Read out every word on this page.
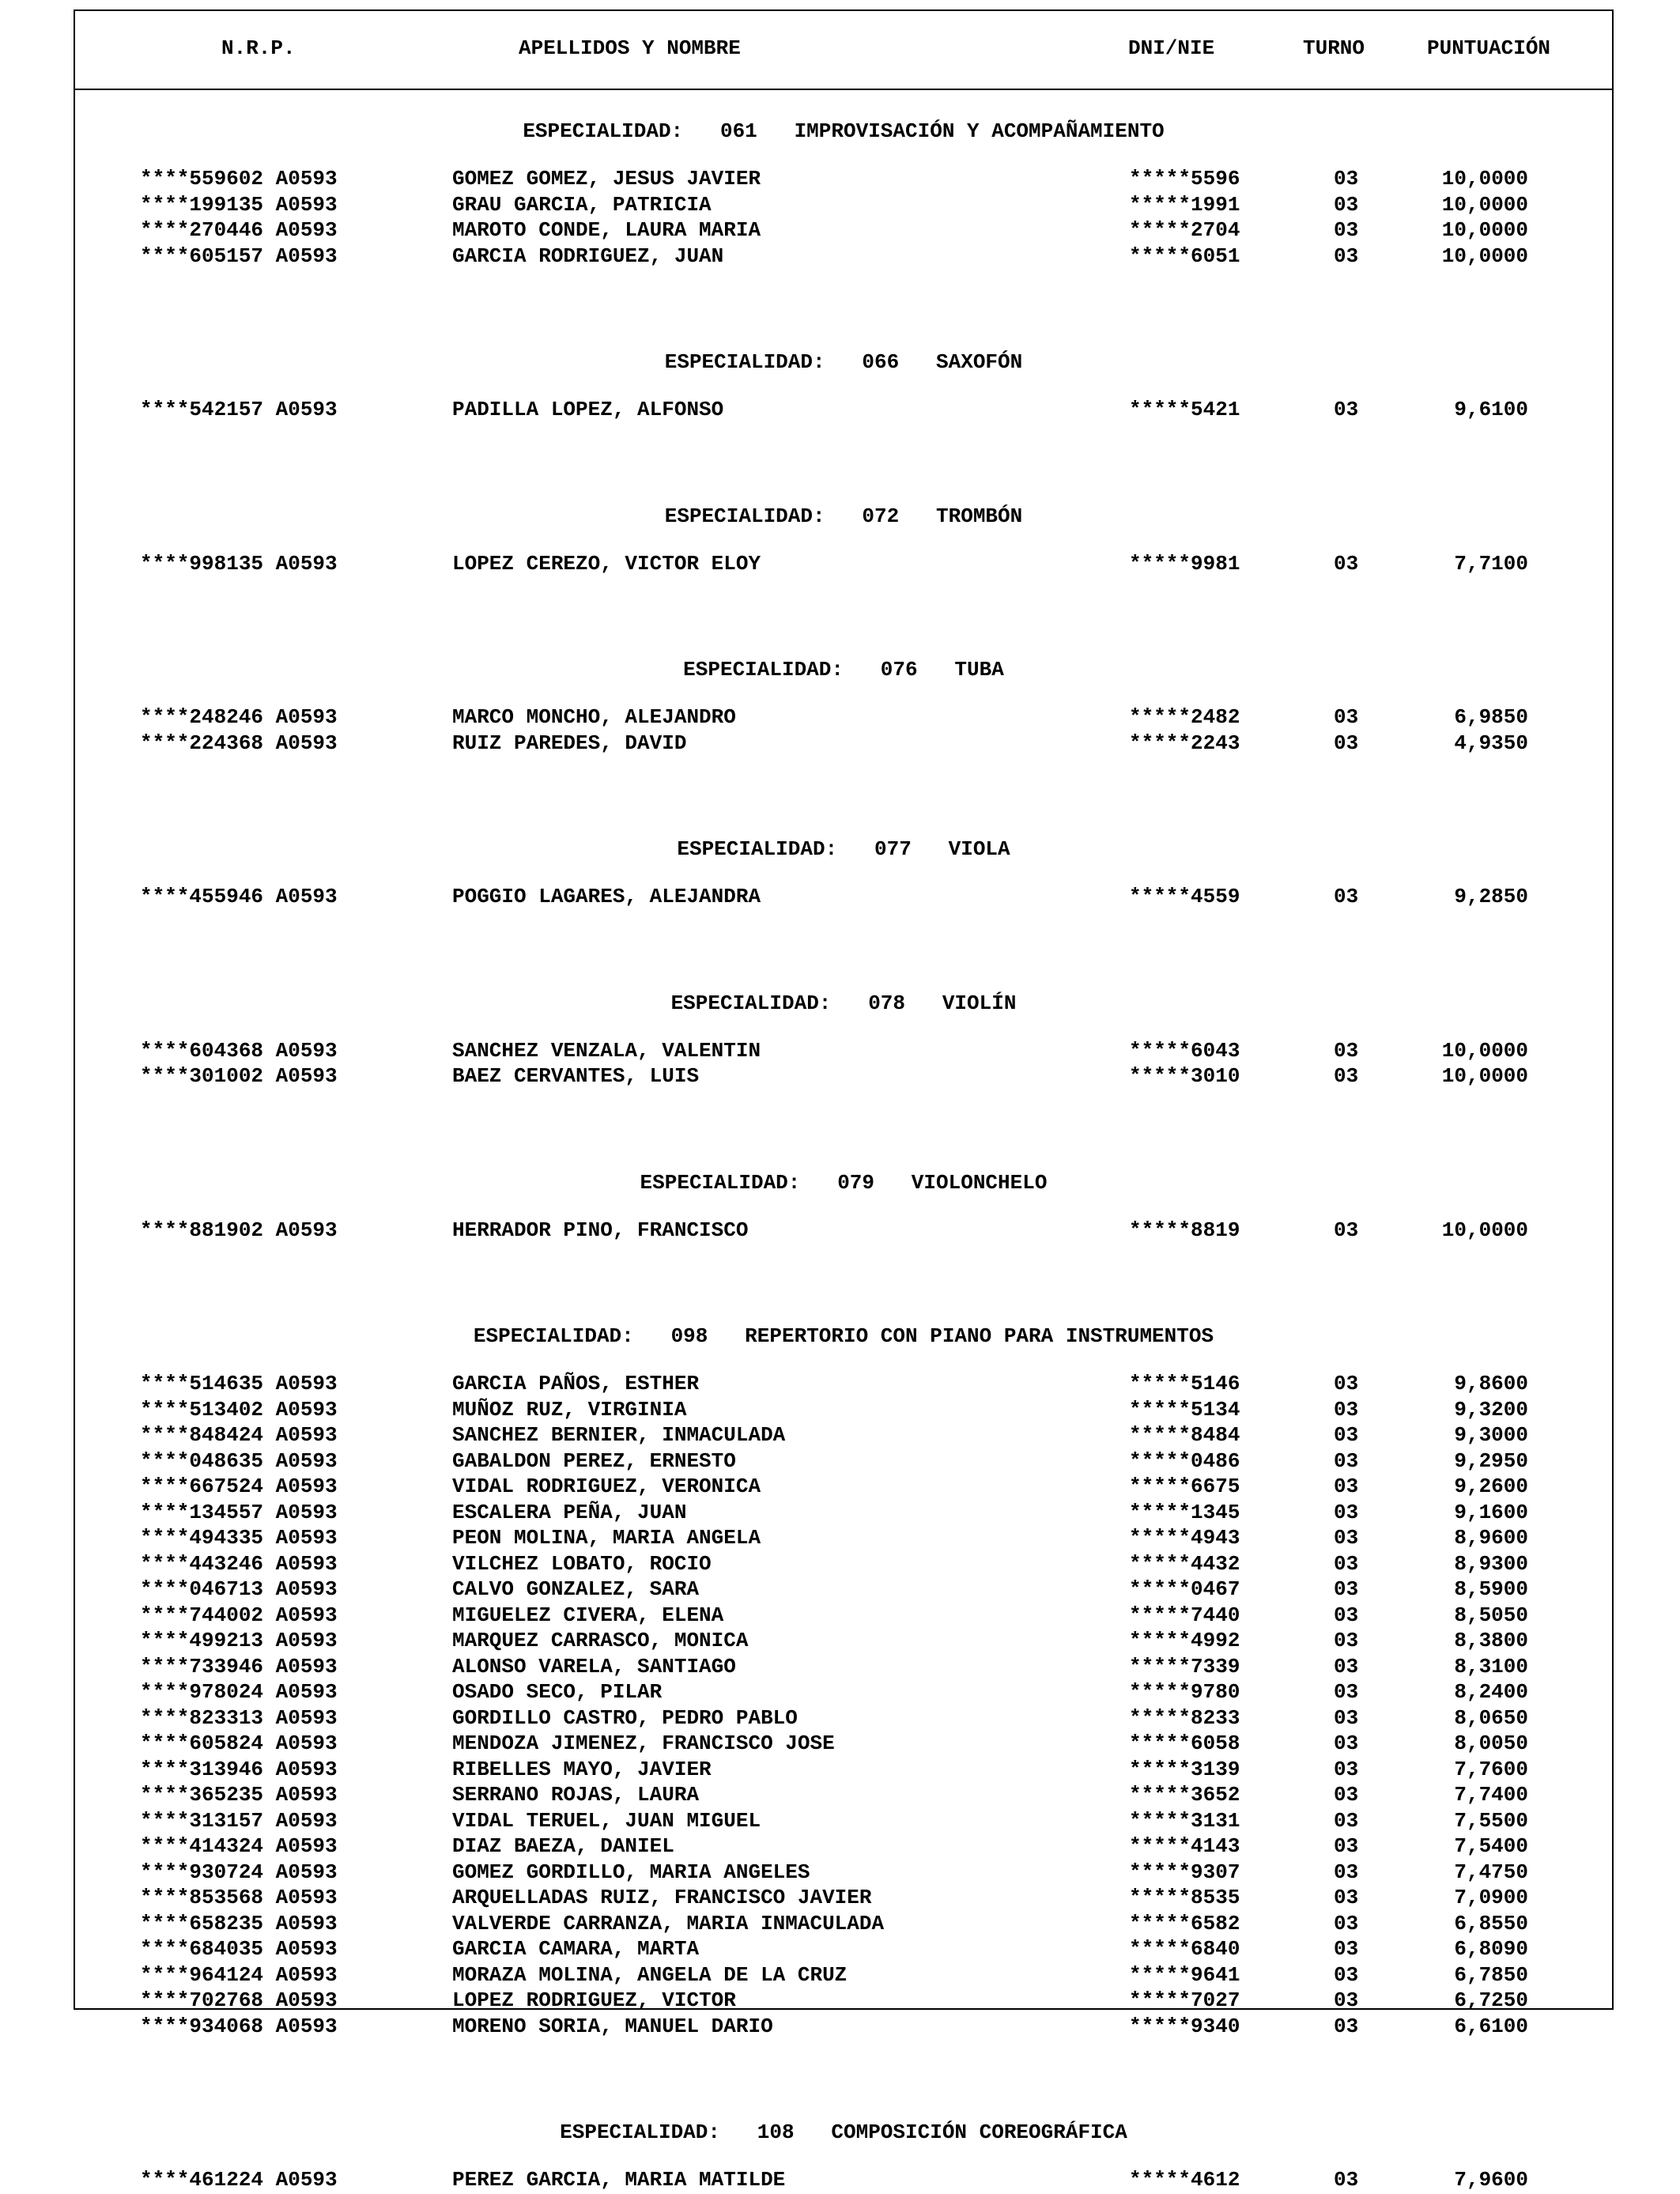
N.R.P.	APELLIDOS Y NOMBRE	DNI/NIE	TURNO	PUNTUACIÓN
ESPECIALIDAD:   061   IMPROVISACIÓN Y ACOMPAÑAMIENTO
****559602 A0593	GOMEZ GOMEZ, JESUS JAVIER	*****5596	03	10,0000
****199135 A0593	GRAU GARCIA, PATRICIA	*****1991	03	10,0000
****270446 A0593	MAROTO CONDE, LAURA MARIA	*****2704	03	10,0000
****605157 A0593	GARCIA RODRIGUEZ, JUAN	*****6051	03	10,0000
ESPECIALIDAD:   066   SAXOFÓN
****542157 A0593	PADILLA LOPEZ, ALFONSO	*****5421	03	9,6100
ESPECIALIDAD:   072   TROMBÓN
****998135 A0593	LOPEZ CEREZO, VICTOR ELOY	*****9981	03	7,7100
ESPECIALIDAD:   076   TUBA
****248246 A0593	MARCO MONCHO, ALEJANDRO	*****2482	03	6,9850
****224368 A0593	RUIZ PAREDES, DAVID	*****2243	03	4,9350
ESPECIALIDAD:   077   VIOLA
****455946 A0593	POGGIO LAGARES, ALEJANDRA	*****4559	03	9,2850
ESPECIALIDAD:   078   VIOLÍN
****604368 A0593	SANCHEZ VENZALA, VALENTIN	*****6043	03	10,0000
****301002 A0593	BAEZ CERVANTES, LUIS	*****3010	03	10,0000
ESPECIALIDAD:   079   VIOLONCHELO
****881902 A0593	HERRADOR PINO, FRANCISCO	*****8819	03	10,0000
ESPECIALIDAD:   098   REPERTORIO CON PIANO PARA INSTRUMENTOS
****514635 A0593	GARCIA PAÑOS, ESTHER	*****5146	03	9,8600
****513402 A0593	MUÑOZ RUZ, VIRGINIA	*****5134	03	9,3200
****848424 A0593	SANCHEZ BERNIER, INMACULADA	*****8484	03	9,3000
****048635 A0593	GABALDON PEREZ, ERNESTO	*****0486	03	9,2950
****667524 A0593	VIDAL RODRIGUEZ, VERONICA	*****6675	03	9,2600
****134557 A0593	ESCALERA PEÑA, JUAN	*****1345	03	9,1600
****494335 A0593	PEON MOLINA, MARIA ANGELA	*****4943	03	8,9600
****443246 A0593	VILCHEZ LOBATO, ROCIO	*****4432	03	8,9300
****046713 A0593	CALVO GONZALEZ, SARA	*****0467	03	8,5900
****744002 A0593	MIGUELEZ CIVERA, ELENA	*****7440	03	8,5050
****499213 A0593	MARQUEZ CARRASCO, MONICA	*****4992	03	8,3800
****733946 A0593	ALONSO VARELA, SANTIAGO	*****7339	03	8,3100
****978024 A0593	OSADO SECO, PILAR	*****9780	03	8,2400
****823313 A0593	GORDILLO CASTRO, PEDRO PABLO	*****8233	03	8,0650
****605824 A0593	MENDOZA JIMENEZ, FRANCISCO JOSE	*****6058	03	8,0050
****313946 A0593	RIBELLES MAYO, JAVIER	*****3139	03	7,7600
****365235 A0593	SERRANO ROJAS, LAURA	*****3652	03	7,7400
****313157 A0593	VIDAL TERUEL, JUAN MIGUEL	*****3131	03	7,5500
****414324 A0593	DIAZ BAEZA, DANIEL	*****4143	03	7,5400
****930724 A0593	GOMEZ GORDILLO, MARIA ANGELES	*****9307	03	7,4750
****853568 A0593	ARQUELLADAS RUIZ, FRANCISCO JAVIER	*****8535	03	7,0900
****658235 A0593	VALVERDE CARRANZA, MARIA INMACULADA	*****6582	03	6,8550
****684035 A0593	GARCIA CAMARA, MARTA	*****6840	03	6,8090
****964124 A0593	MORAZA MOLINA, ANGELA DE LA CRUZ	*****9641	03	6,7850
****702768 A0593	LOPEZ RODRIGUEZ, VICTOR	*****7027	03	6,7250
****934068 A0593	MORENO SORIA, MANUEL DARIO	*****9340	03	6,6100
ESPECIALIDAD:   108   COMPOSICIÓN COREOGRÁFICA
****461224 A0593	PEREZ GARCIA, MARIA MATILDE	*****4612	03	7,9600
